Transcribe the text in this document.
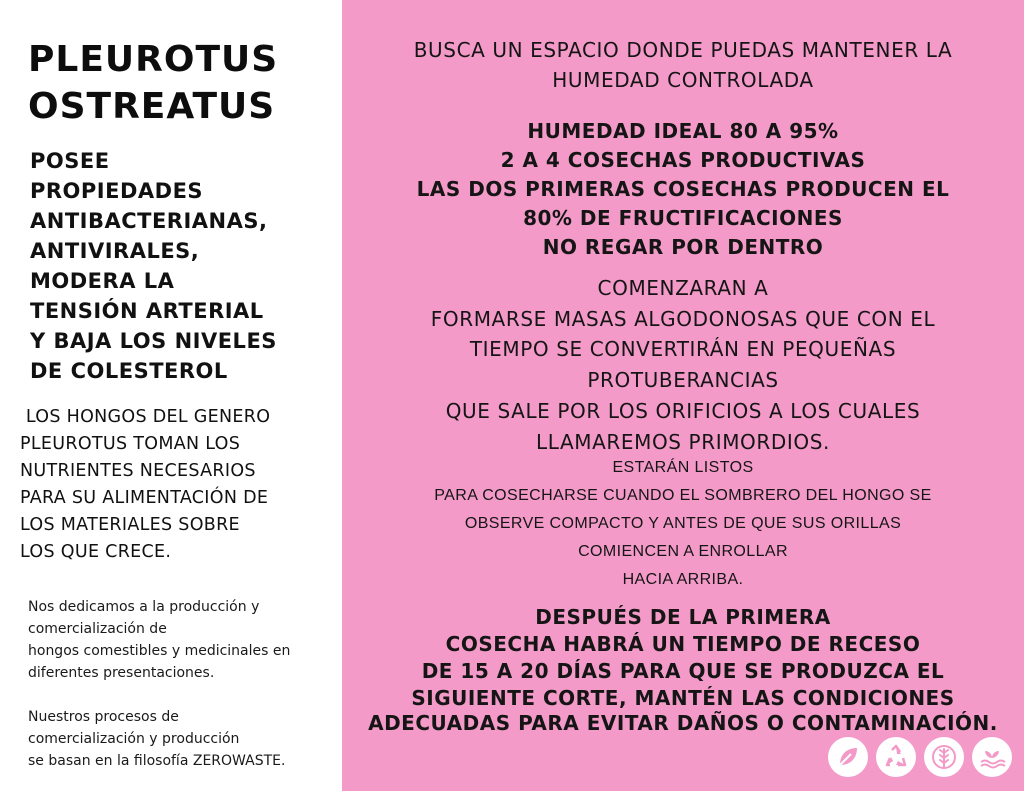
PLEUROTUS
OSTREATUS
POSEE
PROPIEDADES
ANTIBACTERIANAS,
ANTIVIRALES,
MODERA LA
TENSIÓN ARTERIAL
Y BAJA LOS NIVELES
DE COLESTEROL
LOS HONGOS DEL GENERO
PLEUROTUS TOMAN LOS
NUTRIENTES NECESARIOS
PARA SU ALIMENTACIÓN DE
LOS MATERIALES SOBRE
LOS QUE CRECE.
Nos dedicamos a la producción y
comercialización de
hongos comestibles y medicinales en
diferentes presentaciones.
Nuestros procesos de
comercialización y producción
se basan en la filosofía ZEROWASTE.
BUSCA UN ESPACIO DONDE PUEDAS MANTENER LA
HUMEDAD CONTROLADA
HUMEDAD IDEAL 80 A 95%
2 A 4 COSECHAS PRODUCTIVAS
LAS DOS PRIMERAS COSECHAS PRODUCEN EL
80% DE FRUCTIFICACIONES
NO REGAR POR DENTRO
COMENZARAN A
FORMARSE MASAS ALGODONOSAS QUE CON EL
TIEMPO SE CONVERTIRÁN EN PEQUEÑAS
PROTUBERANCIAS
QUE SALE POR LOS ORIFICIOS A LOS CUALES
LLAMAREMOS PRIMORDIOS.
ESTARÁN LISTOS
PARA COSECHARSE CUANDO EL SOMBRERO DEL HONGO SE
OBSERVE COMPACTO Y ANTES DE QUE SUS ORILLAS
COMIENCEN A ENROLLAR
HACIA ARRIBA.
DESPUÉS DE LA PRIMERA
COSECHA HABRÁ UN TIEMPO DE RECESO
DE 15 A 20 DÍAS PARA QUE SE PRODUZCA EL
SIGUIENTE CORTE, MANTÉN LAS CONDICIONES
ADECUADAS PARA EVITAR DAÑOS O CONTAMINACIÓN.
